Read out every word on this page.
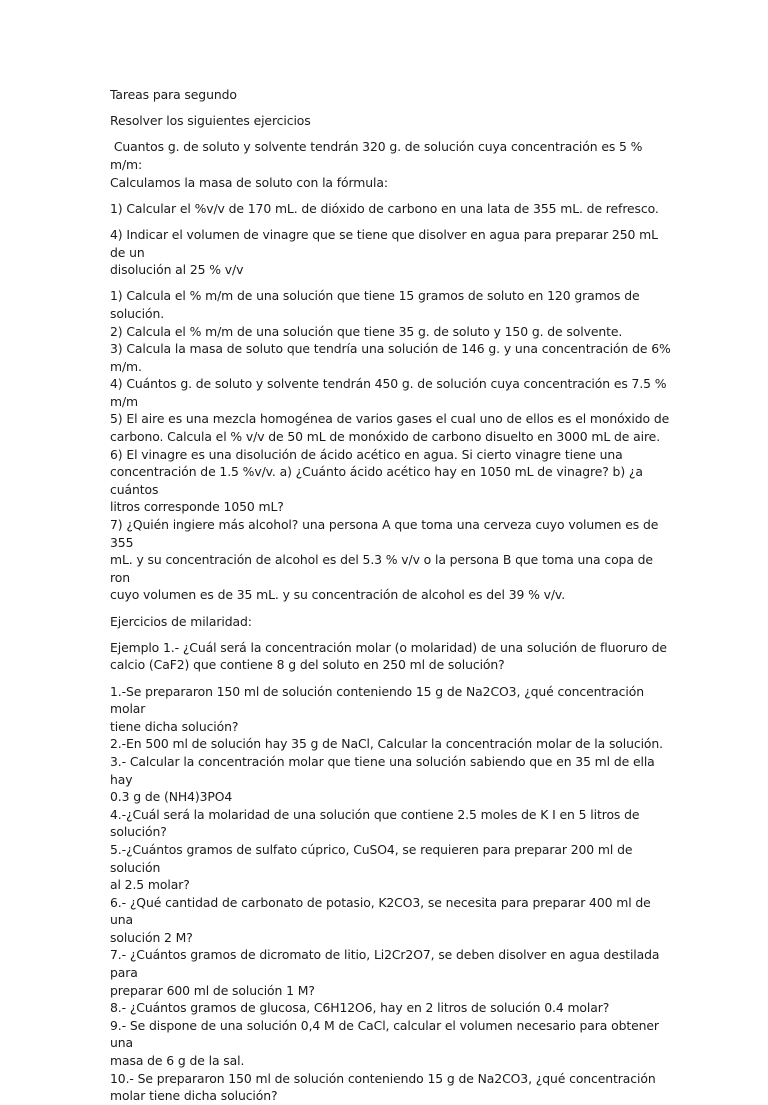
Tareas para segundo

Resolver los siguientes ejercicios

Cuantos g. de soluto y solvente tendrán 320 g. de solución cuya concentración es 5 % m/m:

Calculamos la masa de soluto con la fórmula:

1) Calcular el %v/v de 170 mL. de dióxido de carbono en una lata de 355 mL. de refresco.

4) Indicar el volumen de vinagre que se tiene que disolver en agua para preparar 250 mL de un

disolución al 25 % v/v

1) Calcula el % m/m de una solución que tiene 15 gramos de soluto en 120 gramos de solución.

2) Calcula el % m/m de una solución que tiene 35 g. de soluto y 150 g. de solvente.

3) Calcula la masa de soluto que tendría una solución de 146 g. y una concentración de 6%

m/m.

4) Cuántos g. de soluto y solvente tendrán 450 g. de solución cuya concentración es 7.5 % m/m

5) El aire es una mezcla homogénea de varios gases el cual uno de ellos es el monóxido de

carbono. Calcula el % v/v de 50 mL de monóxido de carbono disuelto en 3000 mL de aire.

6) El vinagre es una disolución de ácido acético en agua. Si cierto vinagre tiene una

concentración de 1.5 %v/v. a) ¿Cuánto ácido acético hay en 1050 mL de vinagre? b) ¿a cuántos

litros corresponde 1050 mL?

7) ¿Quién ingiere más alcohol? una persona A que toma una cerveza cuyo volumen es de 355

mL. y su concentración de alcohol es del 5.3 % v/v o la persona B que toma una copa de ron

cuyo volumen es de 35 mL. y su concentración de alcohol es del 39 % v/v.

Ejercicios de milaridad:

Ejemplo 1.- ¿Cuál será la concentración molar (o molaridad) de una solución de fluoruro de

calcio (CaF2) que contiene 8 g del soluto en 250 ml de solución?

1.-Se prepararon 150 ml de solución conteniendo 15 g de Na2CO3, ¿qué concentración molar

tiene dicha solución?

2.-En 500 ml de solución hay 35 g de NaCl, Calcular la concentración molar de la solución.

3.- Calcular la concentración molar que tiene una solución sabiendo que en 35 ml de ella hay

0.3 g de (NH4)3PO4

4.-¿Cuál será la molaridad de una solución que contiene 2.5 moles de K I en 5 litros de

solución?

5.-¿Cuántos gramos de sulfato cúprico, CuSO4, se requieren para preparar 200 ml de solución

al 2.5 molar?

6.- ¿Qué cantidad de carbonato de potasio, K2CO3, se necesita para preparar 400 ml de una

solución 2 M?

7.- ¿Cuántos gramos de dicromato de litio, Li2Cr2O7, se deben disolver en agua destilada para

preparar 600 ml de solución 1 M?

8.- ¿Cuántos gramos de glucosa, C6H12O6, hay en 2 litros de solución 0.4 molar?

9.- Se dispone de una solución 0,4 M de CaCl, calcular el volumen necesario para obtener una

masa de 6 g de la sal.

10.- Se prepararon 150 ml de solución conteniendo 15 g de Na2CO3, ¿qué concentración

molar tiene dicha solución?
